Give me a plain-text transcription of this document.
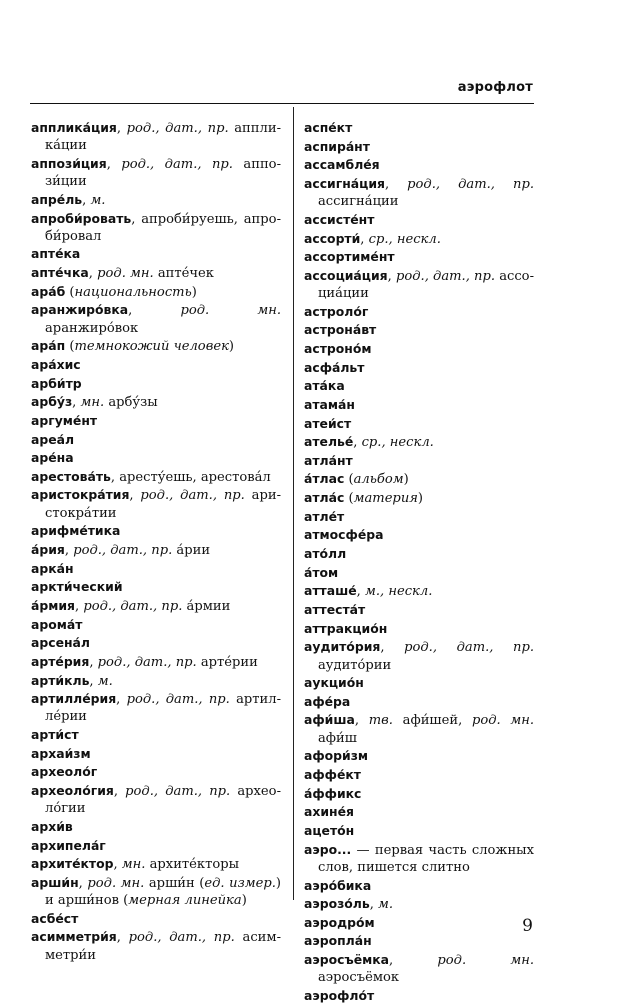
аэрофлот

апплика́ция, род., дат., пр. апплика́ции

аппози́ция, род., дат., пр. аппози́ции

апре́ль, м.

апроби́ровать, апроби́руешь, апроби́ровал

апте́ка

апте́чка, род. мн. апте́чек

ара́б (национальность)

аранжиро́вка, род. мн. аранжиро́вок

ара́п (темнокожий человек)

ара́хис

арби́тр

арбу́з, мн. арбу́зы

аргуме́нт

ареа́л

аре́на

арестова́ть, аресту́ешь, арестова́л

аристокра́тия, род., дат., пр. аристокра́тии

арифме́тика

а́рия, род., дат., пр. а́рии

арка́н

аркти́ческий

а́рмия, род., дат., пр. а́рмии

арома́т

арсена́л

арте́рия, род., дат., пр. арте́рии

арти́кль, м.

артилле́рия, род., дат., пр. артилле́рии

арти́ст

архаи́зм

археоло́г

археоло́гия, род., дат., пр. археоло́гии

архи́в

архипела́г

архите́ктор, мн. архите́кторы

арши́н, род. мн. арши́н (ед. измер.) и арши́нов (мерная линейка)

асбе́ст

асимметри́я, род., дат., пр. асимметри́и

аспе́кт

аспира́нт

ассамбле́я

ассигна́ция, род., дат., пр. ассигна́ции

ассисте́нт

ассорти́, ср., нескл.

ассортиме́нт

ассоциа́ция, род., дат., пр. ассоциа́ции

астроло́г

астрона́вт

астроно́м

асфа́льт

ата́ка

атама́н

атеи́ст

ателье́, ср., нескл.

атла́нт

а́тлас (альбом)

атла́с (материя)

атле́т

атмосфе́ра

ато́лл

а́том

атташе́, м., нескл.

аттеста́т

аттракцио́н

аудито́рия, род., дат., пр. аудито́рии

аукцио́н

афе́ра

афи́ша, тв. афи́шей, род. мн. афи́ш

афори́зм

аффе́кт

а́ффикс

ахине́я

ацето́н

аэро... — первая часть сложных слов, пишется слитно

аэро́бика

аэрозо́ль, м.

аэродро́м

аэропла́н

аэросъёмка, род. мн. аэросъёмок

аэрофло́т

9
